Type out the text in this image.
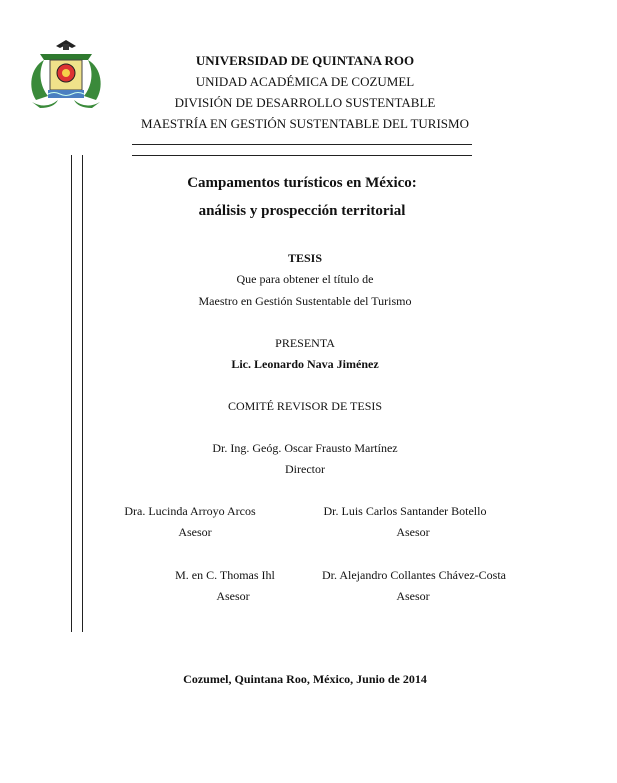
UNIVERSIDAD DE QUINTANA ROO
UNIDAD ACADÉMICA DE COZUMEL
DIVISIÓN DE DESARROLLO SUSTENTABLE
MAESTRÍA EN GESTIÓN SUSTENTABLE DEL TURISMO
Campamentos turísticos en México:
análisis y prospección territorial
TESIS
Que para obtener el título de
Maestro en Gestión Sustentable del Turismo
PRESENTA
Lic. Leonardo Nava Jiménez
COMITÉ REVISOR DE TESIS
Dr. Ing. Geóg. Oscar Frausto Martínez
Director
Dra. Lucinda Arroyo Arcos
Asesor
Dr. Luis Carlos Santander Botello
Asesor
M. en C. Thomas Ihl
Asesor
Dr. Alejandro Collantes Chávez-Costa
Asesor
Cozumel, Quintana Roo, México, Junio de 2014
